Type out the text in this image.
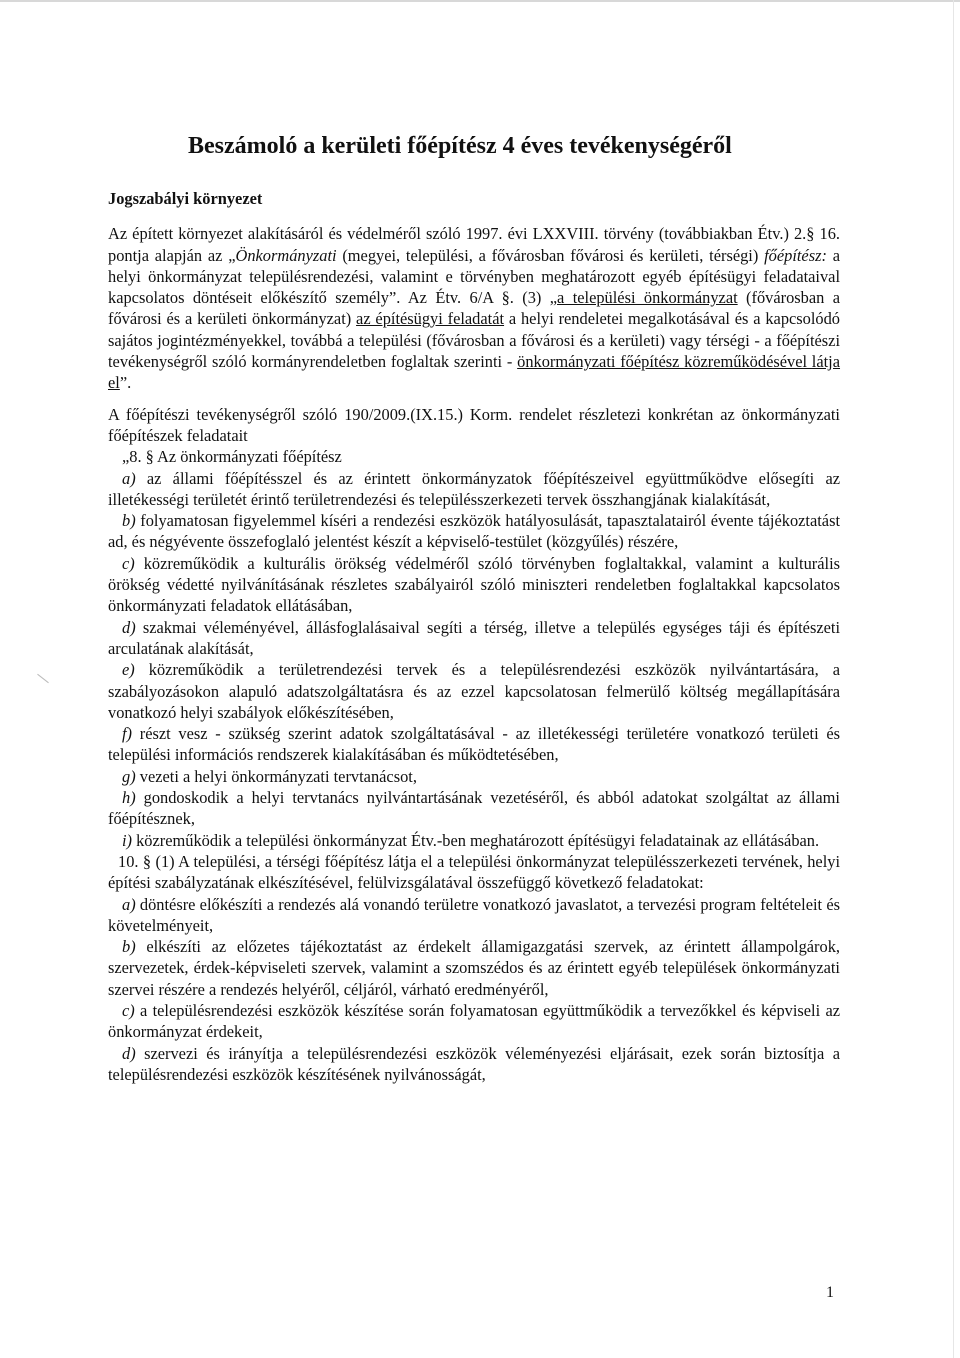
Beszámoló a kerületi főépítész 4 éves tevékenységéről

Jogszabályi környezet

Az épített környezet alakításáról és védelméről szóló 1997. évi LXXVIII. törvény (továbbiakban Étv.) 2.§ 16. pontja alapján az „Önkormányzati (megyei, települési, a fővárosban fővárosi és kerületi, térségi) főépítész: a helyi önkormányzat településrendezési, valamint e törvényben meghatározott egyéb építésügyi feladataival kapcsolatos döntéseit előkészítő személy”. Az Étv. 6/A §. (3) „a települési önkormányzat (fővárosban a fővárosi és a kerületi önkormányzat) az építésügyi feladatát a helyi rendeletei megalkotásával és a kapcsolódó sajátos jogintézményekkel, továbbá a települési (fővárosban a fővárosi és a kerületi) vagy térségi - a főépítészi tevékenységről szóló kormányrendeletben foglaltak szerinti - önkormányzati főépítész közreműködésével látja el”.

A főépítészi tevékenységről szóló 190/2009.(IX.15.) Korm. rendelet részletezi konkrétan az önkormányzati főépítészek feladatait

„8. § Az önkormányzati főépítész

a) az állami főépítésszel és az érintett önkormányzatok főépítészeivel együttműködve elősegíti az illetékességi területét érintő területrendezési és településszerkezeti tervek összhangjának kialakítását,

b) folyamatosan figyelemmel kíséri a rendezési eszközök hatályosulását, tapasztalatairól évente tájékoztatást ad, és négyévente összefoglaló jelentést készít a képviselő-testület (közgyűlés) részére,

c) közreműködik a kulturális örökség védelméről szóló törvényben foglaltakkal, valamint a kulturális örökség védetté nyilvánításának részletes szabályairól szóló miniszteri rendeletben foglaltakkal kapcsolatos önkormányzati feladatok ellátásában,

d) szakmai véleményével, állásfoglalásaival segíti a térség, illetve a település egységes táji és építészeti arculatának alakítását,

e) közreműködik a területrendezési tervek és a településrendezési eszközök nyilvántartására, a szabályozásokon alapuló adatszolgáltatásra és az ezzel kapcsolatosan felmerülő költség megállapítására vonatkozó helyi szabályok előkészítésében,

f) részt vesz - szükség szerint adatok szolgáltatásával - az illetékességi területére vonatkozó területi és települési információs rendszerek kialakításában és működtetésében,

g) vezeti a helyi önkormányzati tervtanácsot,

h) gondoskodik a helyi tervtanács nyilvántartásának vezetéséről, és abból adatokat szolgáltat az állami főépítésznek,

i) közreműködik a települési önkormányzat Étv.-ben meghatározott építésügyi feladatainak az ellátásában.

10. § (1) A települési, a térségi főépítész látja el a települési önkormányzat településszerkezeti tervének, helyi építési szabályzatának elkészítésével, felülvizsgálatával összefüggő következő feladatokat:

a) döntésre előkészíti a rendezés alá vonandó területre vonatkozó javaslatot, a tervezési program feltételeit és követelményeit,

b) elkészíti az előzetes tájékoztatást az érdekelt államigazgatási szervek, az érintett állampolgárok, szervezetek, érdek-képviseleti szervek, valamint a szomszédos és az érintett egyéb települések önkormányzati szervei részére a rendezés helyéről, céljáról, várható eredményéről,

c) a településrendezési eszközök készítése során folyamatosan együttműködik a tervezőkkel és képviseli az önkormányzat érdekeit,

d) szervezi és irányítja a településrendezési eszközök véleményezési eljárásait, ezek során biztosítja a településrendezési eszközök készítésének nyilvánosságát,

1
